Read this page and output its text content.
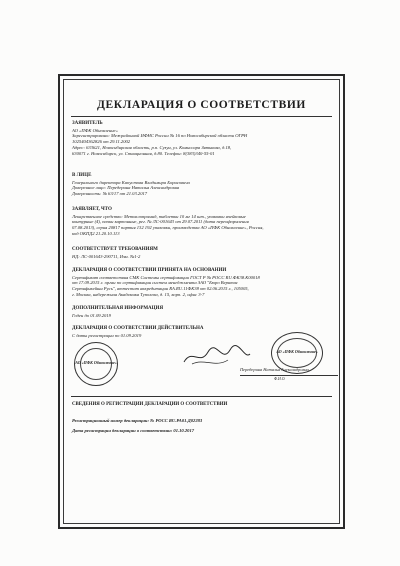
ДЕКЛАРАЦИЯ О СООТВЕТСТВИИ
ЗАЯВИТЕЛЬ
АО «ПФК Обновление»
Зарегистрировано: Межрайонной ИФНС России № 16 по Новосибирской области ОГРН
1025404362826 от 29.11.2002
Адрес: 633621, Новосибирская область, р.п. Сузун, ул. Комиссара Зятькова, д.18,
630071 г. Новосибирск, ул. Станционная, д.80. Телефон: 8(383)340-55-01
В ЛИЦЕ
Генерального директора Капустова Владимира Борисовича
Доверенное лицо: Передерина Наталья Александровна
Доверенность: № 63/17 от 21.03.2017
ЗАЯВЛЯЕТ, ЧТО
Лекарственное средство: Метоклопрамид, таблетки 10 мг 14 шт., упаковки ячейковые
контурные (4), пачки картонные, рег. № ЛС-001643 от 29.07.2011 (дата переоформления
07.08.2013), серия 20817 партия 132 192 упаковки, производства АО «ПФК Обновление», Россия,
код ОКПД2 21.20.10.113
СООТВЕТСТВУЕТ ТРЕБОВАНИЯМ
НД: ЛС-001643-290711, Изм. №1-2
ДЕКЛАРАЦИЯ О СООТВЕТСТВИИ ПРИНЯТА НА ОСНОВАНИИ
Сертификат соответствия СМК Системы сертификации ГОСТ Р № РОСС RU.ФК38.К00018
от 17.09.2015 г. орган по сертификации систем менеджмента ЗАО "Бюро Веритас
Сертификейшн Русь", аттестат аккредитации RA.RU.11ФК38 от 02.06.2015 г., 105005,
г. Москва, набережная Академика Туполева, д. 15, корп. 2, офис 3-7
ДОПОЛНИТЕЛЬНАЯ ИНФОРМАЦИЯ
Годен до 01.09.2019
ДЕКЛАРАЦИЯ О СООТВЕТСТВИИ ДЕЙСТВИТЕЛЬНА
С даты регистрации по 01.09.2019
АО «ПФК Обновление»
АО «ПФК Обновление»
Передерина Наталья Александровна
Ф.И.О.
СВЕДЕНИЯ О РЕГИСТРАЦИИ ДЕКЛАРАЦИИ О СООТВЕТСТВИИ
Регистрационный номер декларации: № РОСС RU.РА01.Д02283
Дата регистрации декларации о соответствии: 01.10.2017
